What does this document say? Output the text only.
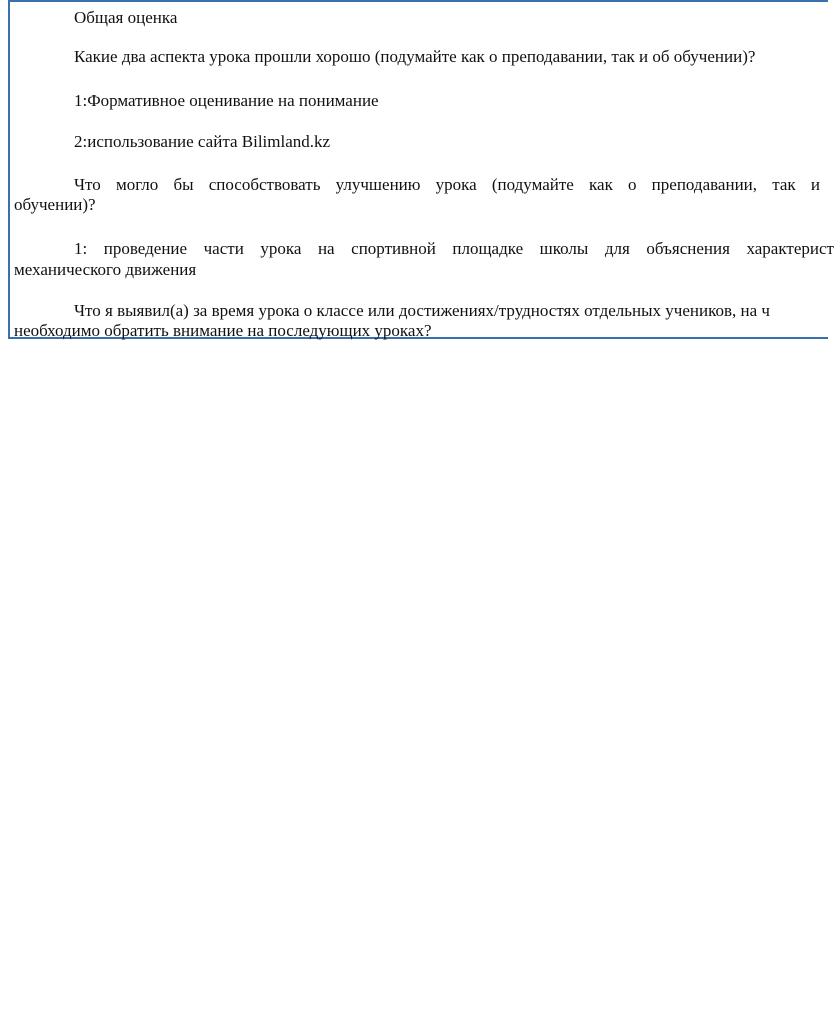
Общая оценка

Какие два аспекта урока прошли хорошо (подумайте как о преподавании, так и об обучении)?

1:Формативное оценивание на понимание

2:использование сайта Bilimland.kz

Что могло бы способствовать улучшению урока (подумайте как о преподавании, так и

обучении)?

1: проведение части урока на спортивной площадке школы для объяснения характерист

механического движения

Что я выявил(а) за время урока о классе или достижениях/трудностях отдельных учеников, на ч

необходимо обратить внимание на последующих уроках?
